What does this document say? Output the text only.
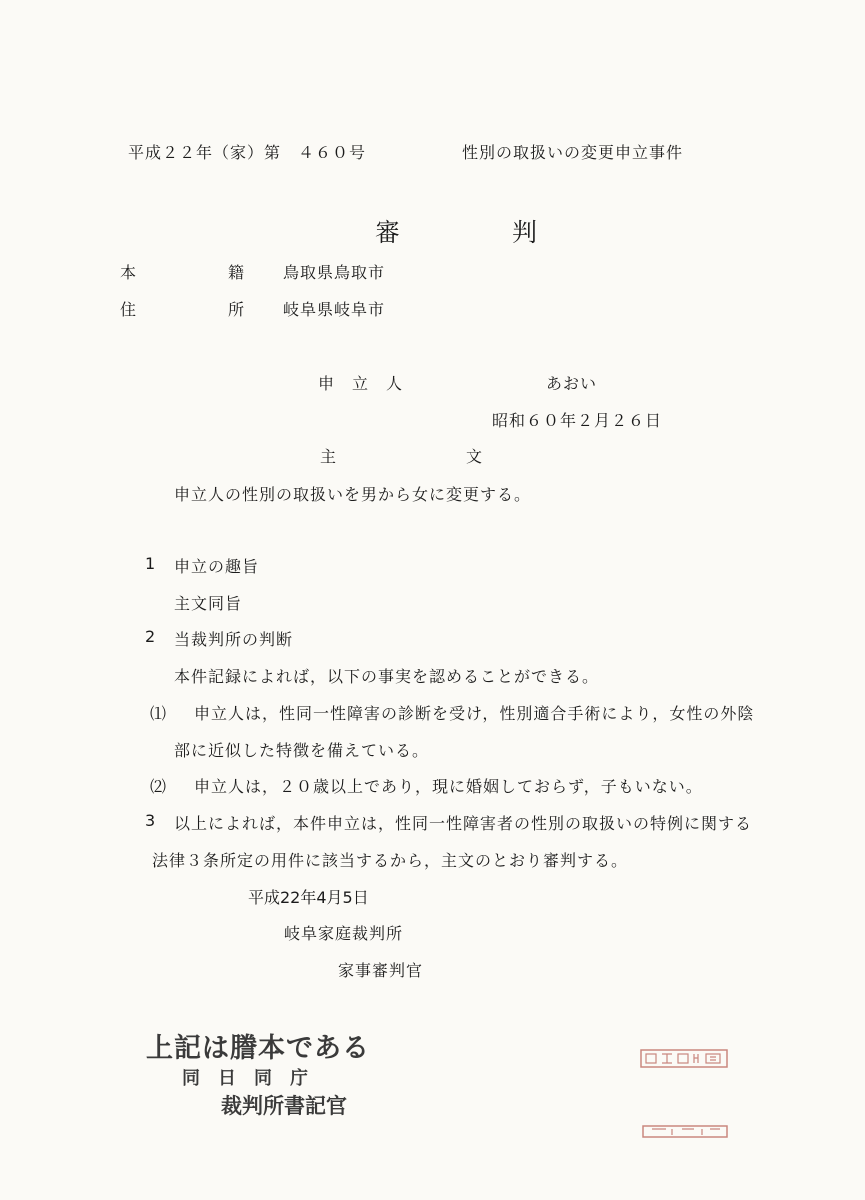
平成２２年（家）第　４６０号	性別の取扱いの変更申立事件
審	判
本	籍 鳥取県鳥取市
住	所 岐阜県岐阜市
申　立　人	あおい
昭和６０年２月２６日
主	文
申立人の性別の取扱いを男から女に変更する。
1 申立の趣旨
主文同旨
2 当裁判所の判断
本件記録によれば，以下の事実を認めることができる。
⑴ 申立人は，性同一性障害の診断を受け，性別適合手術により，女性の外陰
部に近似した特徴を備えている。
⑵ 申立人は，２０歳以上であり，現に婚姻しておらず，子もいない。
3 以上によれば，本件申立は，性同一性障害者の性別の取扱いの特例に関する
法律３条所定の用件に該当するから，主文のとおり審判する。
平成22年4月5日
岐阜家庭裁判所
家事審判官
上記は謄本である
同　日　同　庁
裁判所書記官
